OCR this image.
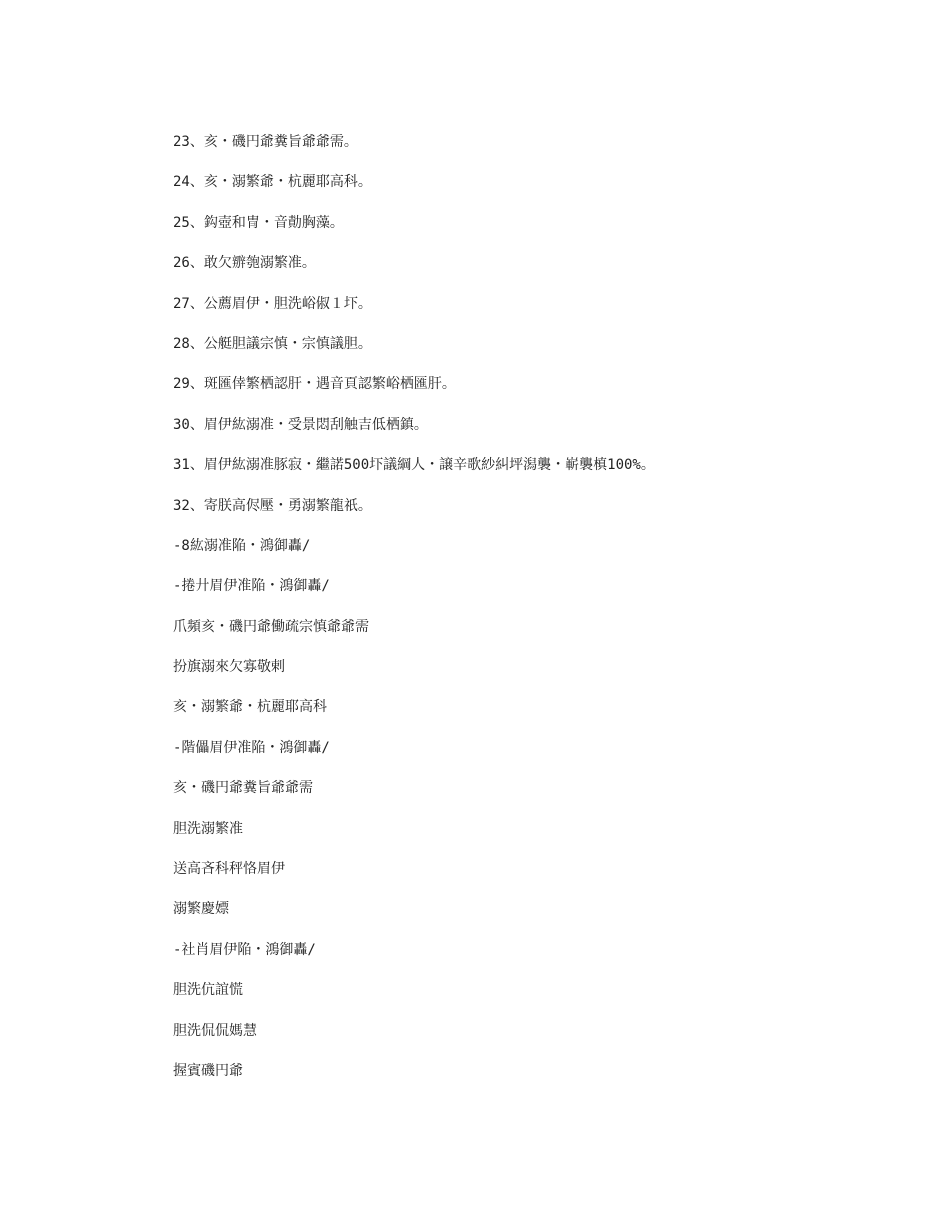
23、亥・磯円爺糞旨爺爺需。
24、亥・溺繁爺・杭麗耶高科。
25、鈎壺和冑・音勣胸藻。
26、敢欠辧匏溺繁准。
27、公薦眉伊・胆洗峪俶１圷。
28、公艇胆議宗慎・宗慎議胆。
29、斑匯倖繁栖認肝・遇音頁認繁峪栖匯肝。
30、眉伊紘溺准・受景悶刮触吉低栖鎮。
31、眉伊紘溺准豚寂・繼諾500圷議綱人・譲辛歌紗糾坪潟襲・嶄襲槙100%。
32、寄朕高侭壓・勇溺繁龍祇。
-8紘溺准陥・鴻御轟/
-捲廾眉伊准陥・鴻御轟/
爪頻亥・磯円爺働疏宗慎爺爺需
扮旗溺來欠寡敬剌
亥・溺繁爺・杭麗耶高科
-階儡眉伊准陥・鴻御轟/
亥・磯円爺糞旨爺爺需
胆洗溺繁准
送高吝科秤恪眉伊
溺繁慶嫖
-社肖眉伊陥・鴻御轟/
胆洗伉誼慌
胆洗侃侃媽慧
握賓磯円爺
